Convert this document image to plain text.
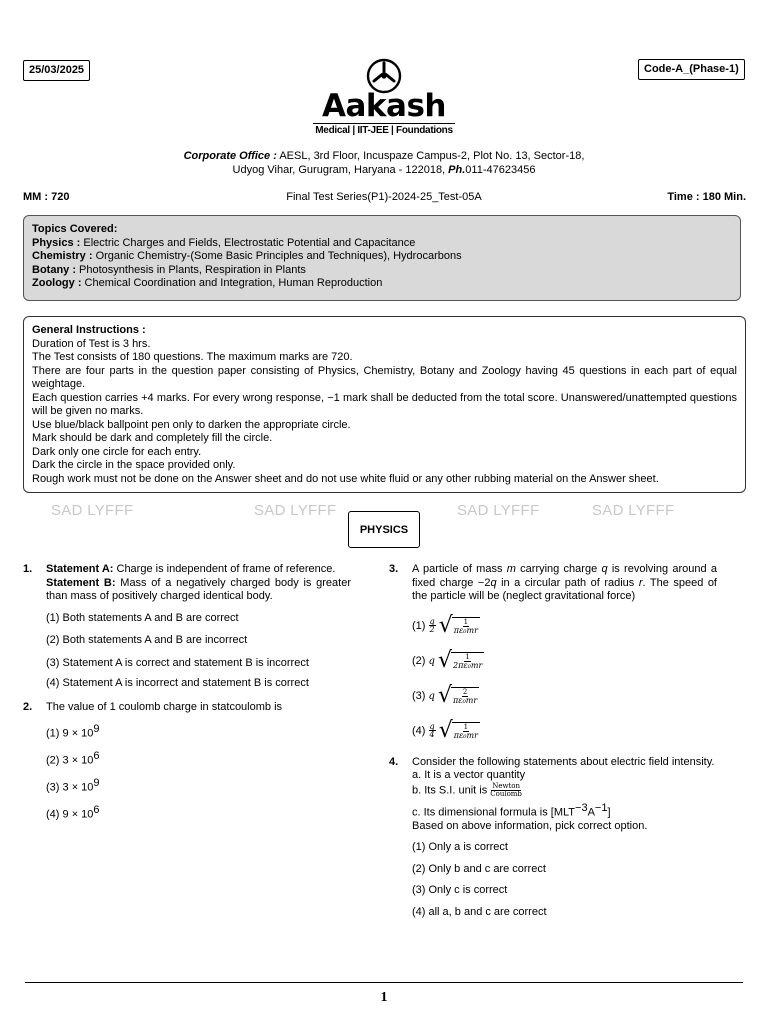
25/03/2025	Code-A_(Phase-1)
Aakash
Medical | IIT-JEE | Foundations
Corporate Office : AESL, 3rd Floor, Incuspaze Campus-2, Plot No. 13, Sector-18,
Udyog Vihar, Gurugram, Haryana - 122018, Ph.011-47623456
MM : 720	Final Test Series(P1)-2024-25_Test-05A	Time : 180 Min.
Topics Covered:
Physics : Electric Charges and Fields, Electrostatic Potential and Capacitance
Chemistry : Organic Chemistry-(Some Basic Principles and Techniques), Hydrocarbons
Botany : Photosynthesis in Plants, Respiration in Plants
Zoology : Chemical Coordination and Integration, Human Reproduction
General Instructions :
Duration of Test is 3 hrs.
The Test consists of 180 questions. The maximum marks are 720.
There are four parts in the question paper consisting of Physics, Chemistry, Botany and Zoology having 45 questions in each part of equal weightage.
Each question carries +4 marks. For every wrong response, −1 mark shall be deducted from the total score. Unanswered/unattempted questions will be given no marks.
Use blue/black ballpoint pen only to darken the appropriate circle.
Mark should be dark and completely fill the circle.
Dark only one circle for each entry.
Dark the circle in the space provided only.
Rough work must not be done on the Answer sheet and do not use white fluid or any other rubbing material on the Answer sheet.
SAD LYFFF	SAD LYFFF	SAD LYFFF	SAD LYFFF
PHYSICS
1. Statement A: Charge is independent of frame of reference.
Statement B: Mass of a negatively charged body is greater than mass of positively charged identical body.
(1) Both statements A and B are correct
(2) Both statements A and B are incorrect
(3) Statement A is correct and statement B is incorrect
(4) Statement A is incorrect and statement B is correct
2. The value of 1 coulomb charge in statcoulomb is
(1) $9 \times 10^9$
(2) $3 \times 10^6$
(3) $3 \times 10^9$
(4) $9 \times 10^6$
3. A particle of mass m carrying charge q is revolving around a fixed charge −2q in a circular path of radius r. The speed of the particle will be (neglect gravitational force)
$(1) \frac{q}{2}$ √ $\frac{1}{\text{πε₀mr}}$
(2) q √ $\frac{1}{\text{2πε₀mr}}$
(3) q √ $\frac{2}{\text{πε₀mr}}$
$(4) \frac{q}{4}$ √ $\frac{1}{\text{πε₀mr}}$
4. Consider the following statements about electric field intensity.
a. It is a vector quantity
b. Its S.I. unit is $\frac{\text{Newton}}{\text{Coulomb}}$
c. Its dimensional formula is $[MLT^{-3}A^{-1}]$
Based on above information, pick correct option.
(1) Only a is correct
(2) Only b and c are correct
(3) Only c is correct
(4) all a, b and c are correct
1
